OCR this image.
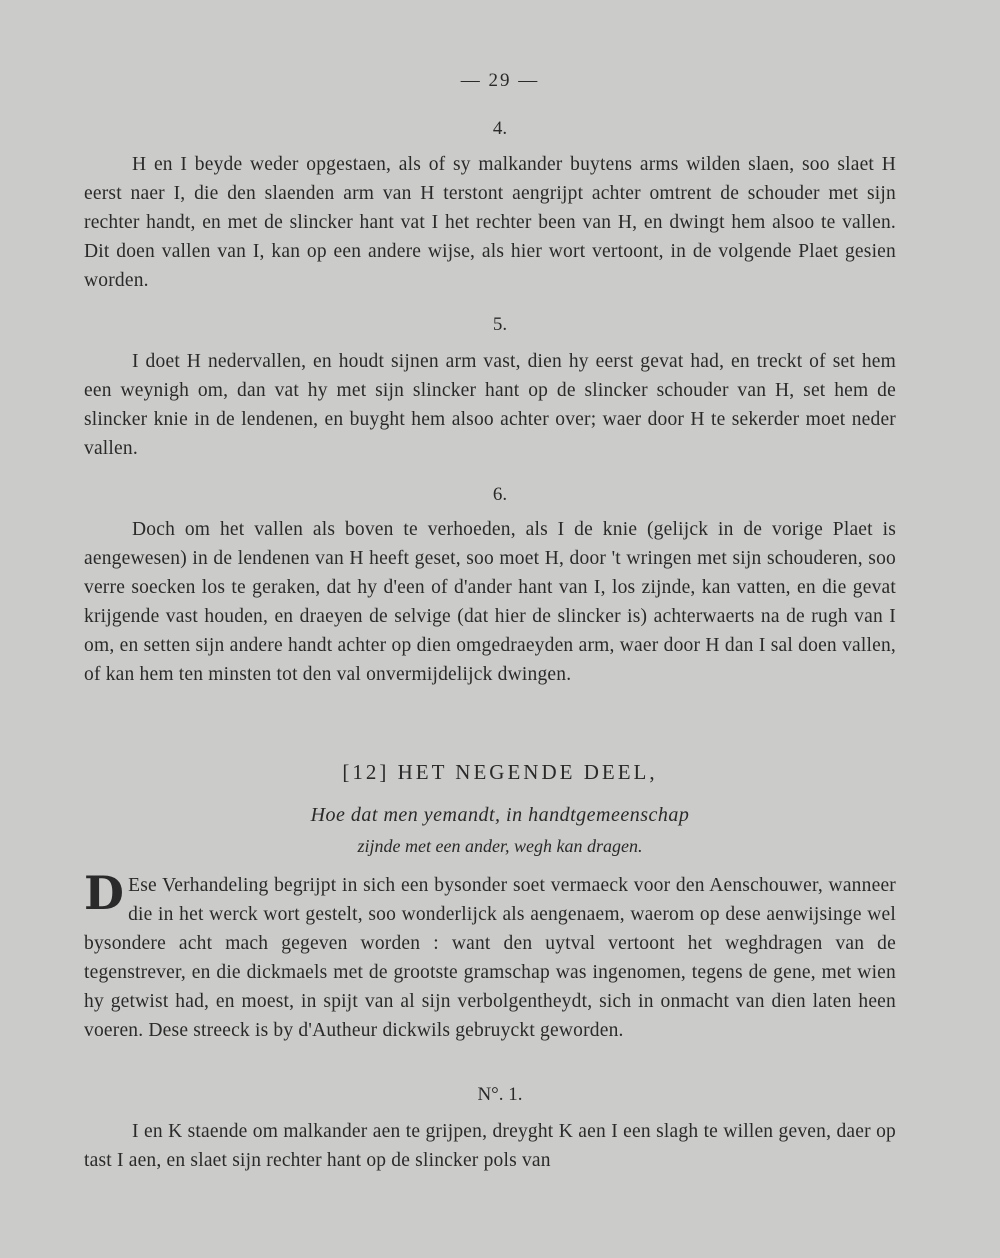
— 29 —
4.
H en I beyde weder opgestaen, als of sy malkander buytens arms wilden slaen, soo slaet H eerst naer I, die den slaenden arm van H terstont aengrijpt achter omtrent de schouder met sijn rechter handt, en met de slincker hant vat I het rechter been van H, en dwingt hem alsoo te vallen. Dit doen vallen van I, kan op een andere wijse, als hier wort vertoont, in de volgende Plaet gesien worden.
5.
I doet H nedervallen, en houdt sijnen arm vast, dien hy eerst gevat had, en treckt of set hem een weynigh om, dan vat hy met sijn slincker hant op de slincker schouder van H, set hem de slincker knie in de lendenen, en buyght hem alsoo achter over; waer door H te sekerder moet neder vallen.
6.
Doch om het vallen als boven te verhoeden, als I de knie (gelijck in de vorige Plaet is aengewesen) in de lendenen van H heeft geset, soo moet H, door 't wringen met sijn schouderen, soo verre soecken los te geraken, dat hy d'een of d'ander hant van I, los zijnde, kan vatten, en die gevat krijgende vast houden, en draeyen de selvige (dat hier de slincker is) achterwaerts na de rugh van I om, en setten sijn andere handt achter op dien omgedraeyden arm, waer door H dan I sal doen vallen, of kan hem ten minsten tot den val onvermijdelijck dwingen.
[12] HET NEGENDE DEEL,
Hoe dat men yemandt, in handtgemeenschap
zijnde met een ander, wegh kan dragen.
D Ese Verhandeling begrijpt in sich een bysonder soet vermaeck voor den Aenschouwer, wanneer die in het werck wort gestelt, soo wonderlijck als aengenaem, waerom op dese aenwijsinge wel bysondere acht mach gegeven worden : want den uytval vertoont het weghdragen van de tegenstrever, en die dickmaels met de grootste gramschap was ingenomen, tegens de gene, met wien hy getwist had, en moest, in spijt van al sijn verbolgentheydt, sich in onmacht van dien laten heen voeren. Dese streeck is by d'Autheur dickwils gebruyckt geworden.
N°. 1.
I en K staende om malkander aen te grijpen, dreyght K aen I een slagh te willen geven, daer op tast I aen, en slaet sijn rechter hant op de slincker pols van
